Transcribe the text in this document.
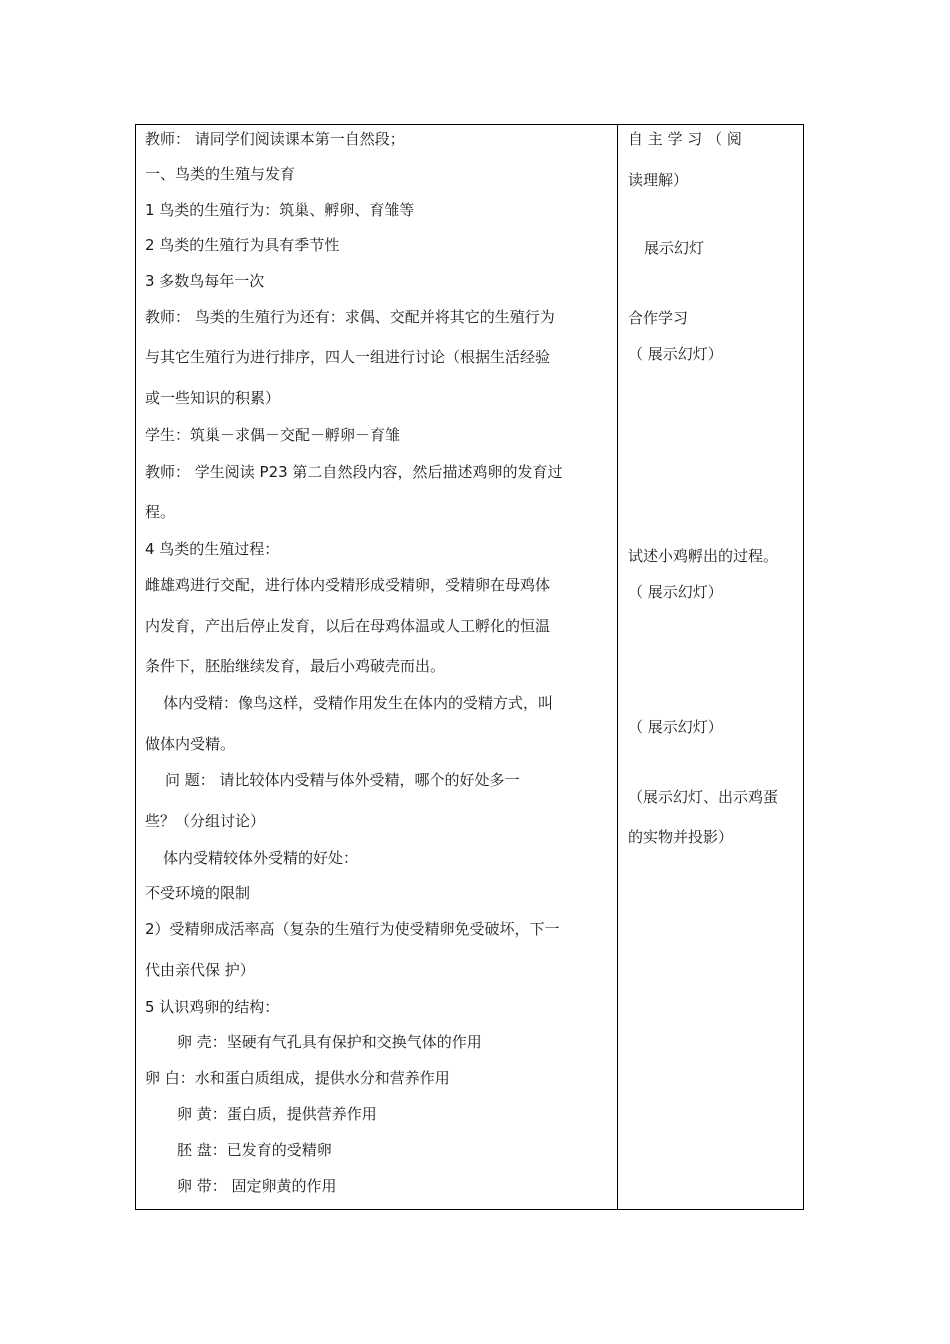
教师： 请同学们阅读课本第一自然段；
一、鸟类的生殖与发育
1 鸟类的生殖行为：筑巢、孵卵、育雏等
2 鸟类的生殖行为具有季节性
3 多数鸟每年一次
教师： 鸟类的生殖行为还有：求偶、交配并将其它的生殖行为
与其它生殖行为进行排序，四人一组进行讨论（根据生活经验
或一些知识的积累）
学生：筑巢－求偶－交配－孵卵－育雏
教师： 学生阅读 P23 第二自然段内容，然后描述鸡卵的发育过
程。
4 鸟类的生殖过程：
雌雄鸡进行交配，进行体内受精形成受精卵，受精卵在母鸡体
内发育，产出后停止发育，以后在母鸡体温或人工孵化的恒温
条件下，胚胎继续发育，最后小鸡破壳而出。
体内受精：像鸟这样，受精作用发生在体内的受精方式，叫
做体内受精。
问 题： 请比较体内受精与体外受精，哪个的好处多一
些？（分组讨论）
体内受精较体外受精的好处：
不受环境的限制
2）受精卵成活率高（复杂的生殖行为使受精卵免受破坏，下一
代由亲代保 护）
5 认识鸡卵的结构：
卵 壳：坚硬有气孔具有保护和交换气体的作用
卵 白：水和蛋白质组成，提供水分和营养作用
卵 黄：蛋白质，提供营养作用
胚 盘：已发育的受精卵
卵 带： 固定卵黄的作用
自 主 学 习 （ 阅
读理解）
展示幻灯
合作学习
（ 展示幻灯）
试述小鸡孵出的过程。
（ 展示幻灯）
（ 展示幻灯）
（展示幻灯、出示鸡蛋
的实物并投影）
